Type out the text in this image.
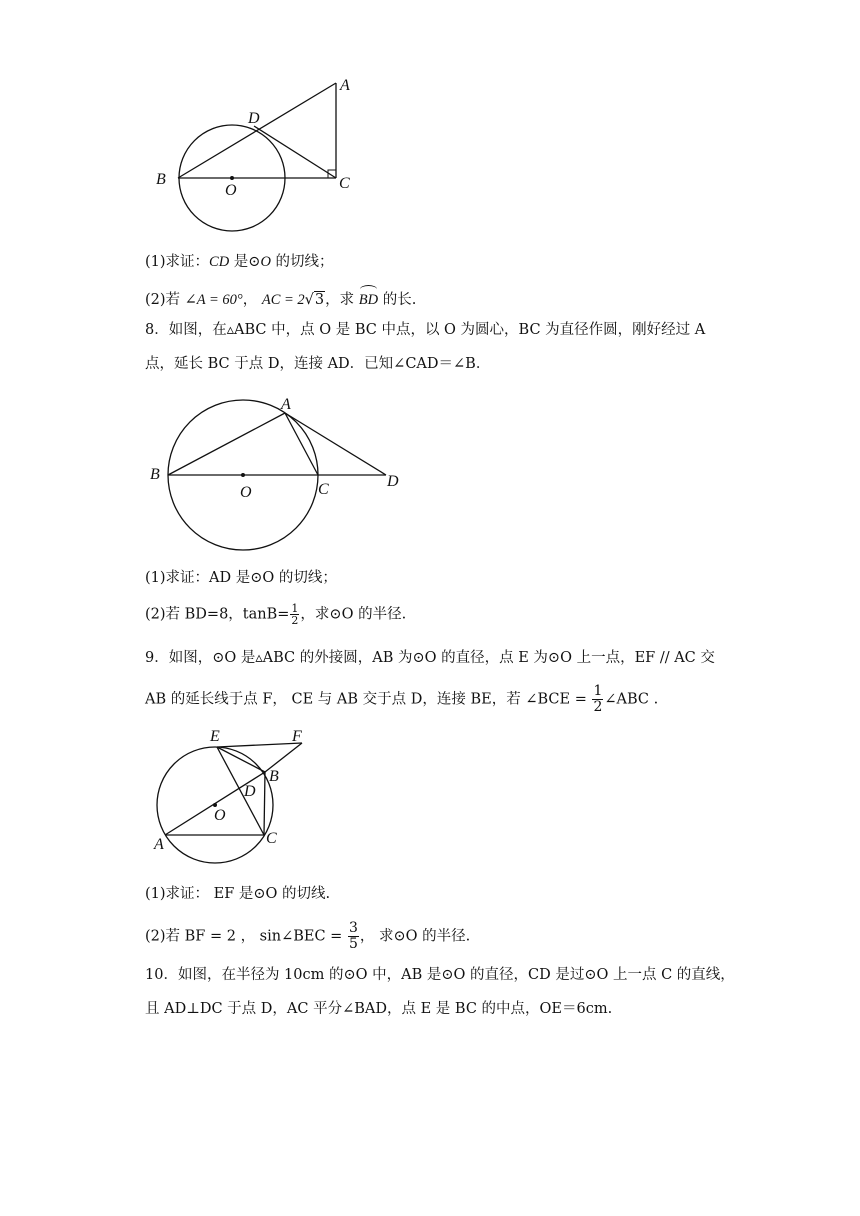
B
A
D
C
O
(1)求证：CD 是⊙O 的切线；
(2)若 ∠A = 60°， AC = 2√3，求 BD 的长.
8．如图，在▵ABC 中，点 O 是 BC 中点，以 O 为圆心，BC 为直径作圆，刚好经过 A
点，延长 BC 于点 D，连接 AD．已知∠CAD＝∠B．
B
A
C	D
O
(1)求证：AD 是⊙O 的切线；
(2)若 BD=8，$\tan B= \frac{1}{2}$ ，求⊙O 的半径.
9．如图，⊙O 是▵ABC 的外接圆，AB 为⊙O 的直径，点 E 为⊙O 上一点，EF // AC 交
AB 的延长线于点 F， CE 与 AB 交于点 D，连接 BE，若 ∠BCE = $\frac{1}{2}$ ∠ABC .
E	F
B
D
O
A	C
(1)求证： EF 是⊙O 的切线.
(2)若 BF = 2 ， sin∠BEC = $\frac{3}{5}$ ， 求⊙O 的半径.
10．如图，在半径为 10cm 的⊙O 中，AB 是⊙O 的直径，CD 是过⊙O 上一点 C 的直线，
且 AD⊥DC 于点 D，AC 平分∠BAD，点 E 是 BC 的中点，OE＝6cm.
